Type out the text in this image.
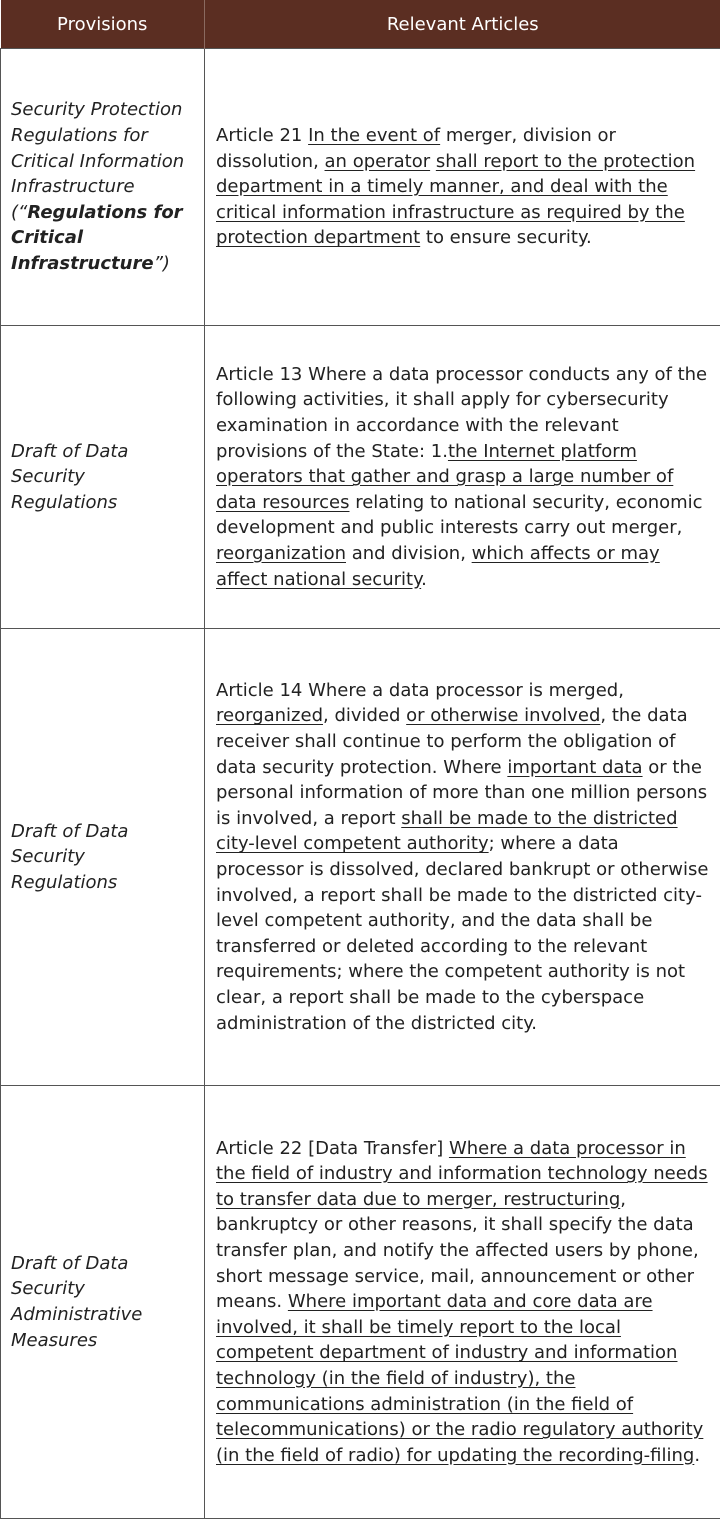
Provisions	Relevant Articles
Security Protection Regulations for Critical Information Infrastructure (“Regulations for Critical Infrastructure”)	Article 21 In the event of merger, division or dissolution, an operator shall report to the protection department in a timely manner, and deal with the critical information infrastructure as required by the protection department to ensure security.
Draft of Data Security Regulations	Article 13 Where a data processor conducts any of the following activities, it shall apply for cybersecurity examination in accordance with the relevant provisions of the State: 1.the Internet platform operators that gather and grasp a large number of data resources relating to national security, economic development and public interests carry out merger, reorganization and division, which affects or may affect national security.
Draft of Data Security Regulations	Article 14 Where a data processor is merged, reorganized, divided or otherwise involved, the data receiver shall continue to perform the obligation of data security protection. Where important data or the personal information of more than one million persons is involved, a report shall be made to the districted city-level competent authority; where a data processor is dissolved, declared bankrupt or otherwise involved, a report shall be made to the districted city-level competent authority, and the data shall be transferred or deleted according to the relevant requirements; where the competent authority is not clear, a report shall be made to the cyberspace administration of the districted city.
Draft of Data Security Administrative Measures	Article 22 [Data Transfer] Where a data processor in the field of industry and information technology needs to transfer data due to merger, restructuring, bankruptcy or other reasons, it shall specify the data transfer plan, and notify the affected users by phone, short message service, mail, announcement or other means. Where important data and core data are involved, it shall be timely report to the local competent department of industry and information technology (in the field of industry), the communications administration (in the field of telecommunications) or the radio regulatory authority (in the field of radio) for updating the recording-filing.
